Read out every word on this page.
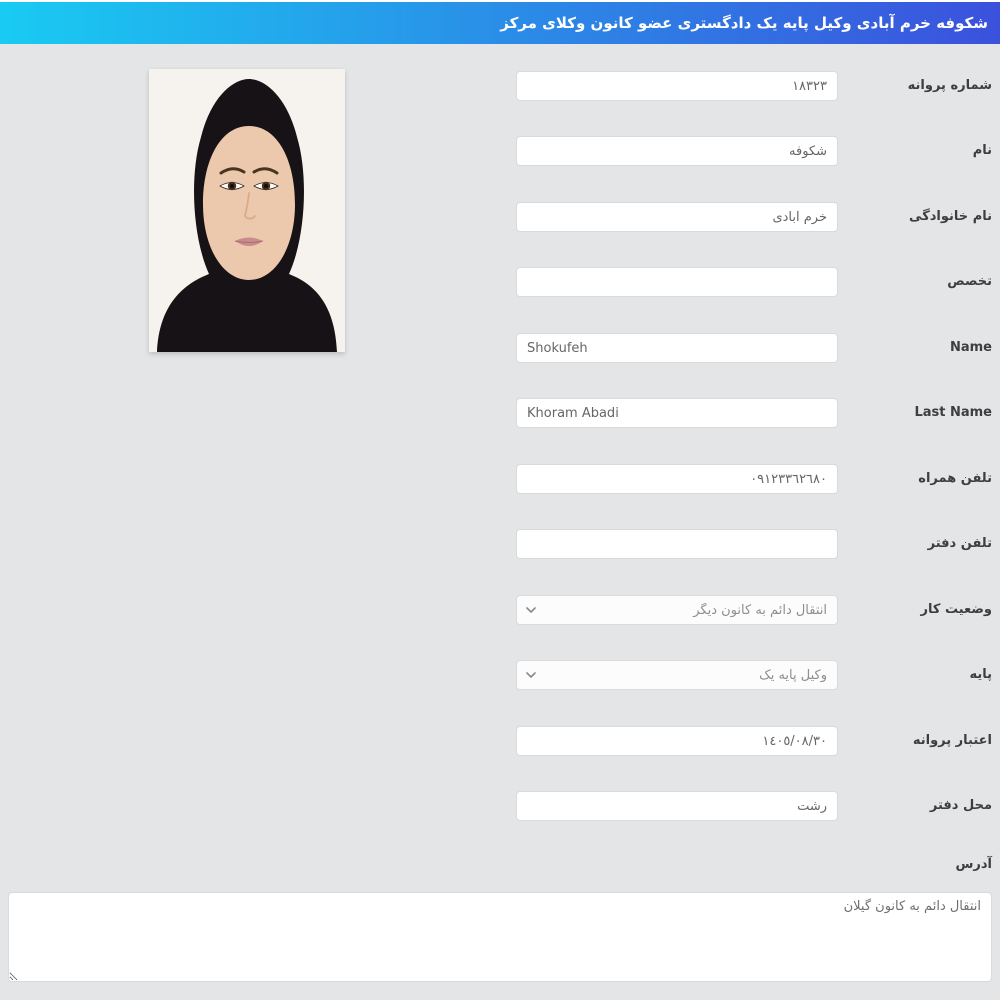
شکوفه خرم آبادی وکیل پایه یک دادگستری عضو کانون وکلای مرکز
شماره پروانه
١٨٣٢٣
نام
شکوفه
نام خانوادگی
خرم آبادی
تخصص
Name
Shokufeh
Last Name
Khoram Abadi
تلفن همراه
٠٩١٢٣٣٦٢٦٨٠
تلفن دفتر
وضعیت کار
انتقال دائم به کانون دیگر
پایه
وکیل پایه یک
اعتبار پروانه
١٤٠٥/٠٨/٣٠
محل دفتر
رشت
آدرس
انتقال دائم به کانون گیلان
